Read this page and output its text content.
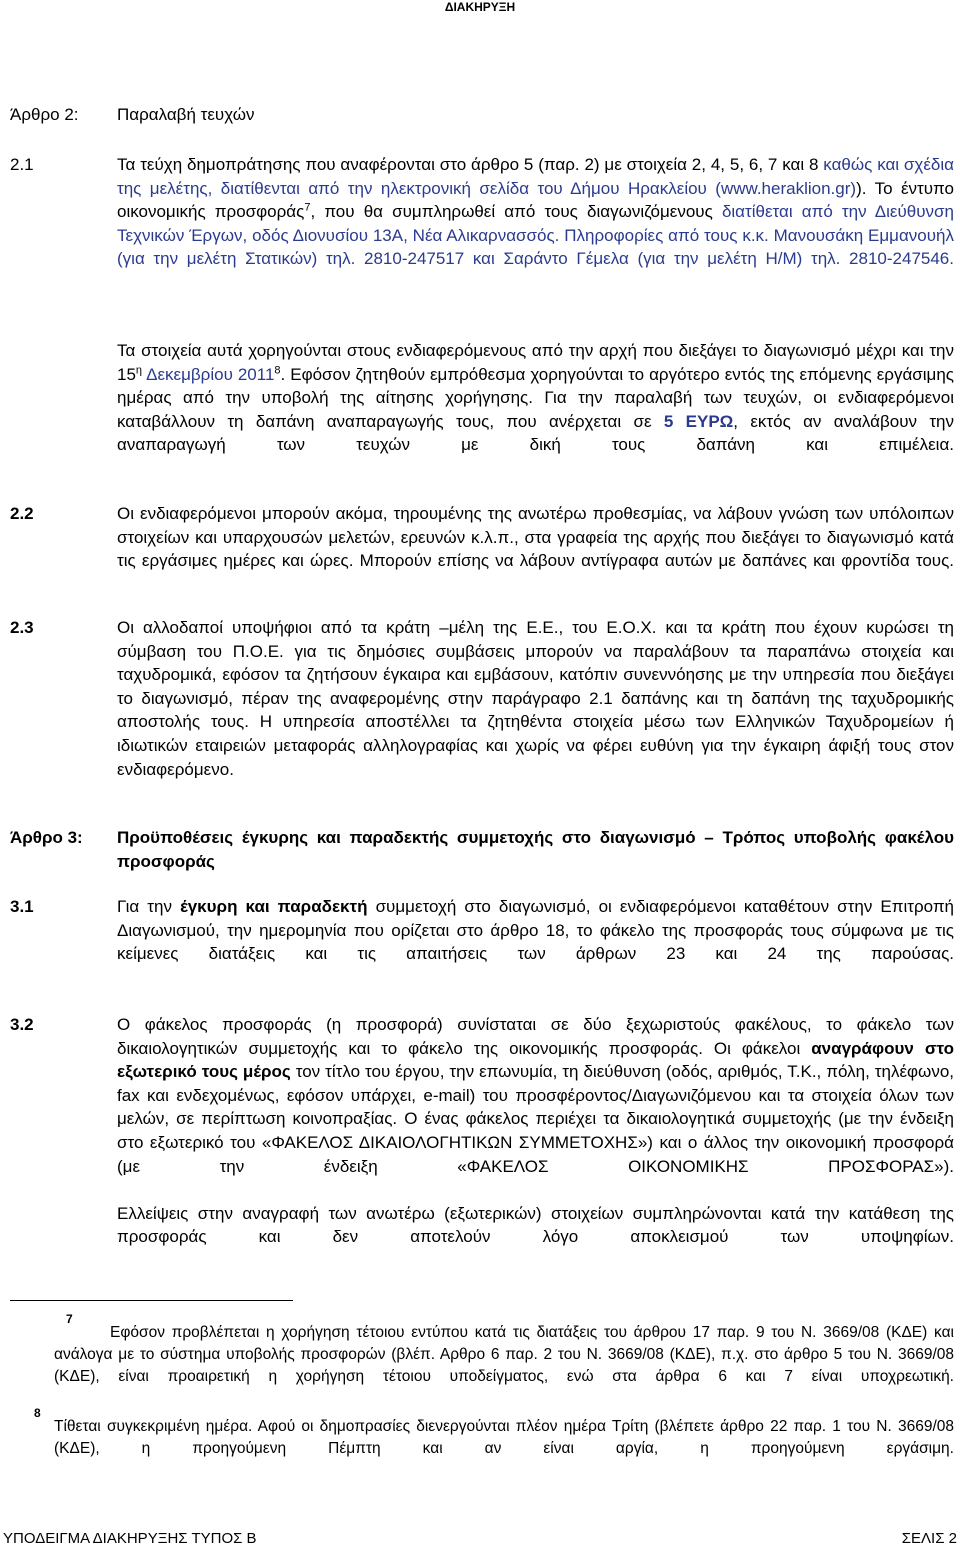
ΔΙΑΚΗΡΥΞΗ
Άρθρο 2: Παραλαβή τευχών
2.1	Τα τεύχη δημοπράτησης που αναφέρονται στο άρθρο 5 (παρ. 2) με στοιχεία 2, 4, 5, 6, 7 και 8 καθώς και σχέδια της μελέτης, διατίθενται από την ηλεκτρονική σελίδα του Δήμου Ηρακλείου (www.heraklion.gr)). Το έντυπο οικονομικής προσφοράς$^7$, που θα συμπληρωθεί από τους διαγωνιζόμενους διατίθεται από την Διεύθυνση Τεχνικών Έργων, οδός Διονυσίου 13Α, Νέα Αλικαρνασσός. Πληροφορίες από τους κ.κ. Μανουσάκη Εμμανουήλ (για την μελέτη Στατικών) τηλ. 2810-247517 και Σαράντο Γέμελα (για την μελέτη Η/Μ) τηλ. 2810-247546.

Τα στοιχεία αυτά χορηγούνται στους ενδιαφερόμενους από την αρχή που διεξάγει το διαγωνισμό μέχρι και την $15^\eta$ Δεκεμβρίου 2011$^8$. Εφόσον ζητηθούν εμπρόθεσμα χορηγούνται το αργότερο εντός της επόμενης εργάσιμης ημέρας από την υποβολή της αίτησης χορήγησης. Για την παραλαβή των τευχών, οι ενδιαφερόμενοι καταβάλλουν τη δαπάνη αναπαραγωγής τους, που ανέρχεται σε 5 ΕΥΡΩ, εκτός αν αναλάβουν την αναπαραγωγή των τευχών με δική τους δαπάνη και επιμέλεια.

2.2	Οι ενδιαφερόμενοι μπορούν ακόμα, τηρουμένης της ανωτέρω προθεσμίας, να λάβουν γνώση των υπόλοιπων στοιχείων και υπαρχουσών μελετών, ερευνών κ.λ.π., στα γραφεία της αρχής που διεξάγει το διαγωνισμό κατά τις εργάσιμες ημέρες και ώρες. Μπορούν επίσης να λάβουν αντίγραφα αυτών με δαπάνες και φροντίδα τους.

2.3	Οι αλλοδαποί υποψήφιοι από τα κράτη –μέλη της Ε.Ε., του Ε.Ο.Χ. και τα κράτη που έχουν κυρώσει τη σύμβαση του Π.Ο.Ε. για τις δημόσιες συμβάσεις μπορούν να παραλάβουν τα παραπάνω στοιχεία και ταχυδρομικά, εφόσον τα ζητήσουν έγκαιρα και εμβάσουν, κατόπιν συνεννόησης με την υπηρεσία που διεξάγει το διαγωνισμό, πέραν της αναφερομένης στην παράγραφο 2.1 δαπάνης και τη δαπάνη της ταχυδρομικής αποστολής τους. Η υπηρεσία αποστέλλει τα ζητηθέντα στοιχεία μέσω των Ελληνικών Ταχυδρομείων ή ιδιωτικών εταιρειών μεταφοράς αλληλογραφίας και χωρίς να φέρει ευθύνη για την έγκαιρη άφιξή τους στον ενδιαφερόμενο.

Άρθρο 3: Προϋποθέσεις έγκυρης και παραδεκτής συμμετοχής στο διαγωνισμό – Τρόπος υποβολής φακέλου προσφοράς

3.1	Για την έγκυρη και παραδεκτή συμμετοχή στο διαγωνισμό, οι ενδιαφερόμενοι καταθέτουν στην Επιτροπή Διαγωνισμού, την ημερομηνία που ορίζεται στο άρθρο 18, το φάκελο της προσφοράς τους σύμφωνα με τις κείμενες διατάξεις και τις απαιτήσεις των άρθρων 23 και 24 της παρούσας.

3.2	Ο φάκελος προσφοράς (η προσφορά) συνίσταται σε δύο ξεχωριστούς φακέλους, το φάκελο των δικαιολογητικών συμμετοχής και το φάκελο της οικονομικής προσφοράς. Οι φάκελοι αναγράφουν στο εξωτερικό τους μέρος τον τίτλο του έργου, την επωνυμία, τη διεύθυνση (οδός, αριθμός, Τ.Κ., πόλη, τηλέφωνο, fax και ενδεχομένως, εφόσον υπάρχει, e-mail) του προσφέροντος/Διαγωνιζόμενου και τα στοιχεία όλων των μελών, σε περίπτωση κοινοπραξίας. Ο ένας φάκελος περιέχει τα δικαιολογητικά συμμετοχής (με την ένδειξη στο εξωτερικό του «ΦΑΚΕΛΟΣ ΔΙΚΑΙΟΛΟΓΗΤΙΚΩΝ ΣΥΜΜΕΤΟΧΗΣ») και ο άλλος την οικονομική προσφορά (με την ένδειξη «ΦΑΚΕΛΟΣ ΟΙΚΟΝΟΜΙΚΗΣ ΠΡΟΣΦΟΡΑΣ»).

Ελλείψεις στην αναγραφή των ανωτέρω (εξωτερικών) στοιχείων συμπληρώνονται κατά την κατάθεση της προσφοράς και δεν αποτελούν λόγο αποκλεισμού των υποψηφίων.

7

Εφόσον προβλέπεται η χορήγηση τέτοιου εντύπου κατά τις διατάξεις του άρθρου 17 παρ. 9 του Ν. 3669/08 (ΚΔΕ) και ανάλογα με το σύστημα υποβολής προσφορών (βλέπ. Αρθρο 6 παρ. 2 του Ν. 3669/08 (ΚΔΕ), π.χ. στο άρθρο 5 του Ν. 3669/08 (ΚΔΕ), είναι προαιρετική η χορήγηση τέτοιου υποδείγματος, ενώ στα άρθρα 6 και 7 είναι υποχρεωτική.

8

Τίθεται συγκεκριμένη ημέρα. Αφού οι δημοπρασίες διενεργούνται πλέον ημέρα Τρίτη (βλέπετε άρθρο 22 παρ. 1 του Ν. 3669/08 (ΚΔΕ), η προηγούμενη Πέμπτη και αν είναι αργία, η προηγούμενη εργάσιμη.

ΥΠΟΔΕΙΓΜΑ ΔΙΑΚΗΡΥΞΗΣ ΤΥΠΟΣ Β	ΣΕΛΙΣ 2
